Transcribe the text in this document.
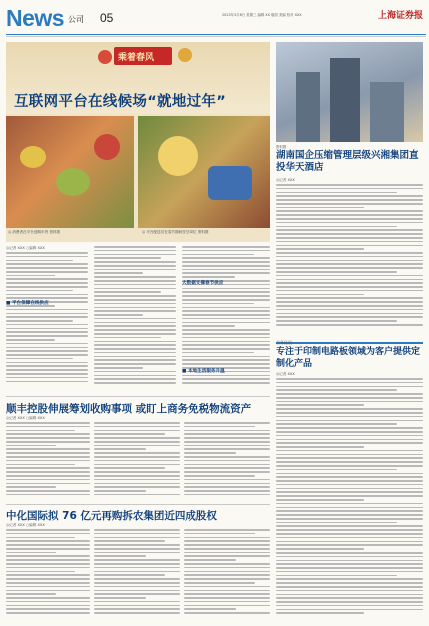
News 公司 05	2023年3月8日 星期三 编辑 XX 版面 美编 校对 XXX	上海证券报
乘着春风
互联网平台在线候场“就地过年”
◎ 消费者在平台选购年货 资料图	◎ 平台配送员在春节期间坚守岗位 资料图
◎记者 XXX ○编辑 XXX
■ 平台保障在线供应
大数据支撑春节供应
■ 本地生活服务升温
资料图
湖南国企压缩管理层级兴湘集团直投华天酒店
◎记者 XXX
专注于印制电路板领域为客户提供定制化产品
业务拓展
◎记者 XXX
顺丰控股伸展筹划收购事项 或盯上商务免税物流资产
◎记者 XXX ○编辑 XXX
中化国际拟 76 亿元再购拆农集团近四成股权
◎记者 XXX ○编辑 XXX
